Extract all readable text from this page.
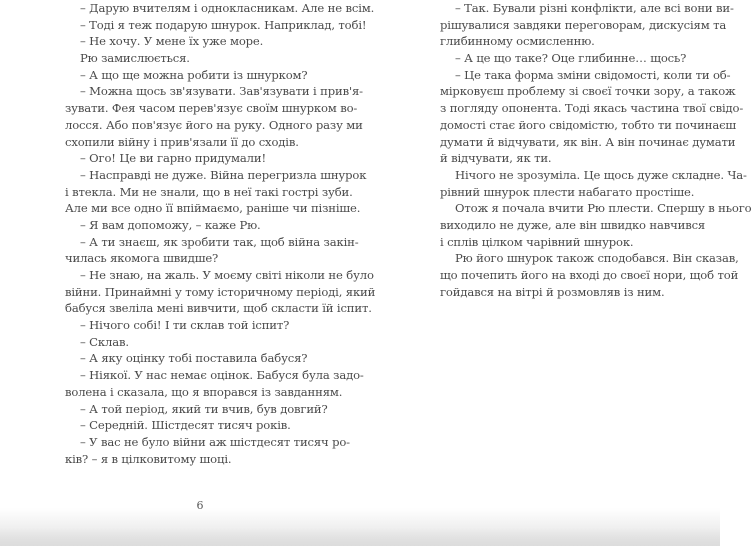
– Дарую вчителям і однокласникам. Але не всім.
– Тоді я теж подарую шнурок. Наприклад, тобі!
– Не хочу. У мене їх уже море.
Рю замислюється.
– А що ще можна робити із шнурком?
– Можна щось зв'язувати. Зав'язувати і прив'я-
зувати. Фея часом перев'язує своїм шнурком во-
лосся. Або пов'язує його на руку. Одного разу ми
схопили війну і прив'язали її до сходів.
– Ого! Це ви гарно придумали!
– Насправді не дуже. Війна перегризла шнурок
і втекла. Ми не знали, що в неї такі гострі зуби.
Але ми все одно її впіймаємо, раніше чи пізніше.
– Я вам допоможу, – каже Рю.
– А ти знаєш, як зробити так, щоб війна закін-
чилась якомога швидше?
– Не знаю, на жаль. У моєму світі ніколи не було
війни. Принаймні у тому історичному періоді, який
бабуся звеліла мені вивчити, щоб скласти їй іспит.
– Нічого собі! І ти склав той іспит?
– Склав.
– А яку оцінку тобі поставила бабуся?
– Ніякої. У нас немає оцінок. Бабуся була задо-
волена і сказала, що я впорався із завданням.
– А той період, який ти вчив, був довгий?
– Середній. Шістдесят тисяч років.
– У вас не було війни аж шістдесят тисяч ро-
ків? – я в цілковитому шоці.
– Так. Бували різні конфлікти, але всі вони ви-
рішувалися завдяки переговорам, дискусіям та
глибинному осмисленню.
– А це що таке? Оце глибинне… щось?
– Це така форма зміни свідомості, коли ти об-
мірковуєш проблему зі своєї точки зору, а також
з погляду опонента. Тоді якась частина твої свідо-
домості стає його свідомістю, тобто ти починаєш
думати й відчувати, як він. А він починає думати
й відчувати, як ти.
Нічого не зрозуміла. Це щось дуже складне. Ча-
рівний шнурок плести набагато простіше.
Отож я почала вчити Рю плести. Спершу в нього
виходило не дуже, але він швидко навчився
і сплів цілком чарівний шнурок.
Рю його шнурок також сподобався. Він сказав,
що почепить його на вході до своєї нори, щоб той
гойдався на вітрі й розмовляв із ним.
6
